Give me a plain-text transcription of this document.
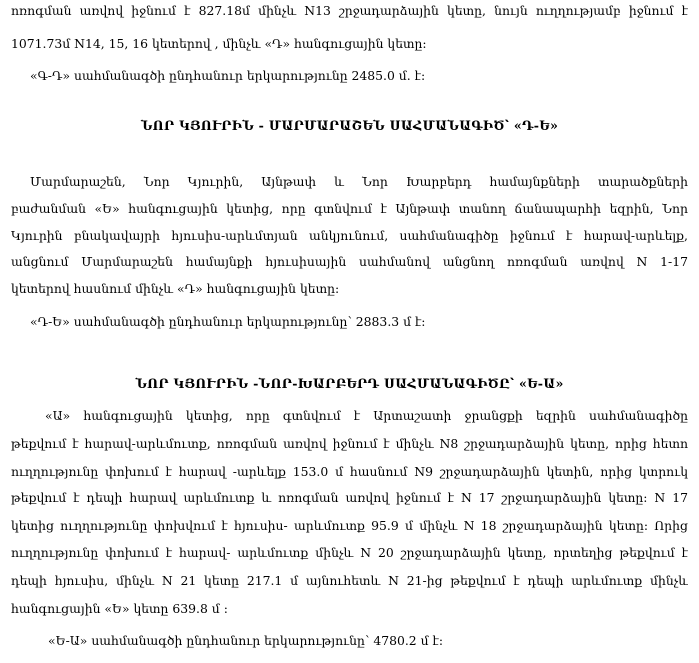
ոռոգման առվով իջնում է 827.18մ մինչև N13 շրջադարձային կետը, նույն ուղղությամբ իջնում է
1071.73մ N14, 15, 16 կետերով , մինչև «Դ» հանգուցային կետը:
«Գ-Դ» սահմանագծի ընդհանուր երկարությունը 2485.0 մ. է:
ՆՈՐ ԿՅՈՒՐԻՆ - ՄԱՐՄԱՐԱՇԵՆ ՍԱՀՄԱՆԱԳԻԾ՝ «Դ-Ե»
Մարմարաշեն, Նոր Կյուրին, Այնթափ և Նոր Խարբերդ համայնքների տարածքների
բաժանման «Ե» հանգուցային կետից, որը գտնվում է Այնթափ տանող ճանապարհի եզրին, Նոր
Կյուրին բնակավայրի հյուսիս-արևմտյան անկյունում, սահմանագիծը իջնում է հարավ-արևելք,
անցնում Մարմարաշեն համայնքի հյուսիսային սահմանով անցնող ոռոգման առվով N 1-17
կետերով հասնում մինչև «Դ» հանգուցային կետը:
«Դ-Ե» սահմանագծի ընդհանուր երկարությունը՝ 2883.3 մ է:
ՆՈՐ ԿՅՈՒՐԻՆ -ՆՈՐ-ԽԱՐԲԵՐԴ ՍԱՀՄԱՆԱԳԻԾԸ՝ «Ե-Ա»
«Ա» հանգուցային կետից, որը գտնվում է Արտաշատի ջրանցքի եզրին սահմանագիծը
թեքվում է հարավ-արևմուտք, ոռոգման առվով իջնում է մինչև N8 շրջադարձային կետը, որից հետո
ուղղությունը փոխում է հարավ -արևելք 153.0 մ հասնում N9 շրջադարձային կետին, որից կտրուկ
թեքվում է դեպի հարավ արևմուտք և ոռոգման առվով իջնում է N 17 շրջադարձային կետը: N 17
կետից ուղղությունը փոխվում է հյուսիս- արևմուտք 95.9 մ մինչև N 18 շրջադարձային կետը: Որից
ուղղությունը փոխում է հարավ- արևմուտք մինչև N 20 շրջադարձային կետը, որտեղից թեքվում է
դեպի հյուսիս, մինչև N 21 կետը 217.1 մ այնուհետև N 21-ից թեքվում է դեպի արևմուտք մինչև
հանգուցային «Ե» կետը 639.8 մ :
«Ե-Ա» սահմանագծի ընդհանուր երկարությունը՝ 4780.2 մ է:
